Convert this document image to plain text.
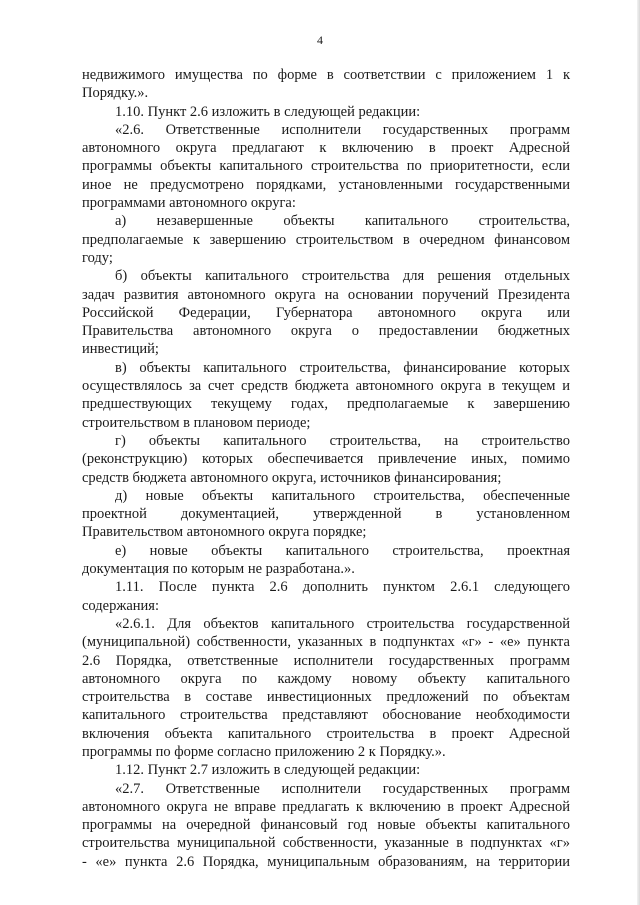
4
недвижимого имущества по форме в соответствии с приложением 1 к
Порядку.».
1.10. Пункт 2.6 изложить в следующей редакции:
«2.6. Ответственные исполнители государственных программ
автономного округа предлагают к включению в проект Адресной
программы объекты капитального строительства по приоритетности, если
иное не предусмотрено порядками, установленными государственными
программами автономного округа:
а) незавершенные объекты капитального строительства,
предполагаемые к завершению строительством в очередном финансовом
году;
б) объекты капитального строительства для решения отдельных
задач развития автономного округа на основании поручений Президента
Российской Федерации, Губернатора автономного округа или
Правительства автономного округа о предоставлении бюджетных
инвестиций;
в) объекты капитального строительства, финансирование которых
осуществлялось за счет средств бюджета автономного округа в текущем и
предшествующих текущему годах, предполагаемые к завершению
строительством в плановом периоде;
г) объекты капитального строительства, на строительство
(реконструкцию) которых обеспечивается привлечение иных, помимо
средств бюджета автономного округа, источников финансирования;
д) новые объекты капитального строительства, обеспеченные
проектной документацией, утвержденной в установленном
Правительством автономного округа порядке;
е) новые объекты капитального строительства, проектная
документация по которым не разработана.».
1.11. После пункта 2.6 дополнить пунктом 2.6.1 следующего
содержания:
«2.6.1. Для объектов капитального строительства государственной
(муниципальной) собственности, указанных в подпунктах «г» - «е» пункта
2.6 Порядка, ответственные исполнители государственных программ
автономного округа по каждому новому объекту капитального
строительства в составе инвестиционных предложений по объектам
капитального строительства представляют обоснование необходимости
включения объекта капитального строительства в проект Адресной
программы по форме согласно приложению 2 к Порядку.».
1.12. Пункт 2.7 изложить в следующей редакции:
«2.7. Ответственные исполнители государственных программ
автономного округа не вправе предлагать к включению в проект Адресной
программы на очередной финансовый год новые объекты капитального
строительства муниципальной собственности, указанные в подпунктах «г»
- «е» пункта 2.6 Порядка, муниципальным образованиям, на территории
